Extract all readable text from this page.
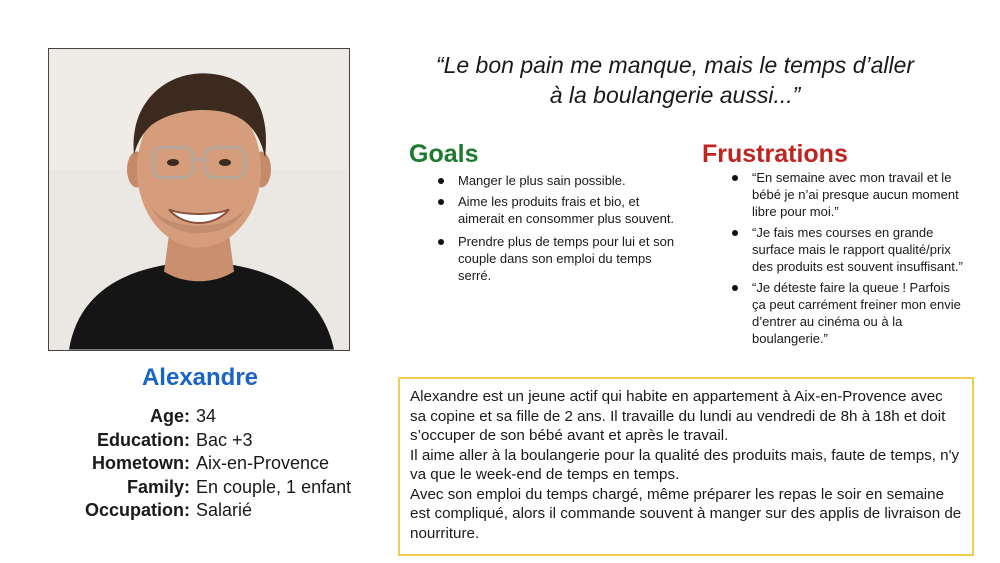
Alexandre
Age: 34
Education: Bac +3
Hometown: Aix-en-Provence
Family: En couple, 1 enfant
Occupation: Salarié
“Le bon pain me manque, mais le temps d’aller
à la boulangerie aussi...”
Goals
Manger le plus sain possible.
Aime les produits frais et bio, et aimerait en consommer plus souvent.
Prendre plus de temps pour lui et son couple dans son emploi du temps serré.
Frustrations
“En semaine avec mon travail et le bébé je n’ai presque aucun moment libre pour moi.”
“Je fais mes courses en grande surface mais le rapport qualité/prix des produits est souvent insuffisant.”
“Je déteste faire la queue ! Parfois ça peut carrément freiner mon envie d’entrer au cinéma ou à la boulangerie.”

Alexandre est un jeune actif qui habite en appartement à Aix-en-Provence avec sa copine et sa fille de 2 ans. Il travaille du lundi au vendredi de 8h à 18h et doit s’occuper de son bébé avant et après le travail.

Il aime aller à la boulangerie pour la qualité des produits mais, faute de temps, n'y va que le week-end de temps en temps.

Avec son emploi du temps chargé, même préparer les repas le soir en semaine est compliqué, alors il commande souvent à manger sur des applis de livraison de nourriture.
